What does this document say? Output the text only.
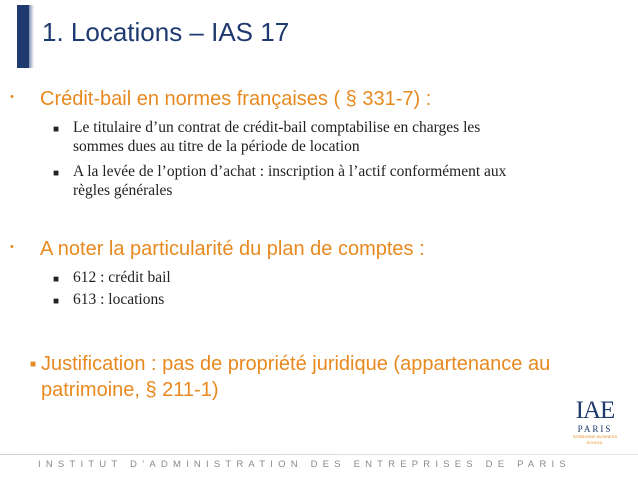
1. Locations – IAS 17
• Crédit-bail en normes françaises ( § 331-7) :
■ Le titulaire d’un contrat de crédit-bail comptabilise en charges les
sommes dues au titre de la période de location
■ A la levée de l’option d’achat : inscription à l’actif conformément aux
règles générales
• A noter la particularité du plan de comptes :
■ 612 : crédit bail
■ 613 : locations
■ Justification : pas de propriété juridique (appartenance au
patrimoine, § 211-1)
IAE
PARIS
SORBONNE BUSINESS SCHOOL
INSTITUT D’ADMINISTRATION DES ENTREPRISES DE PARIS
